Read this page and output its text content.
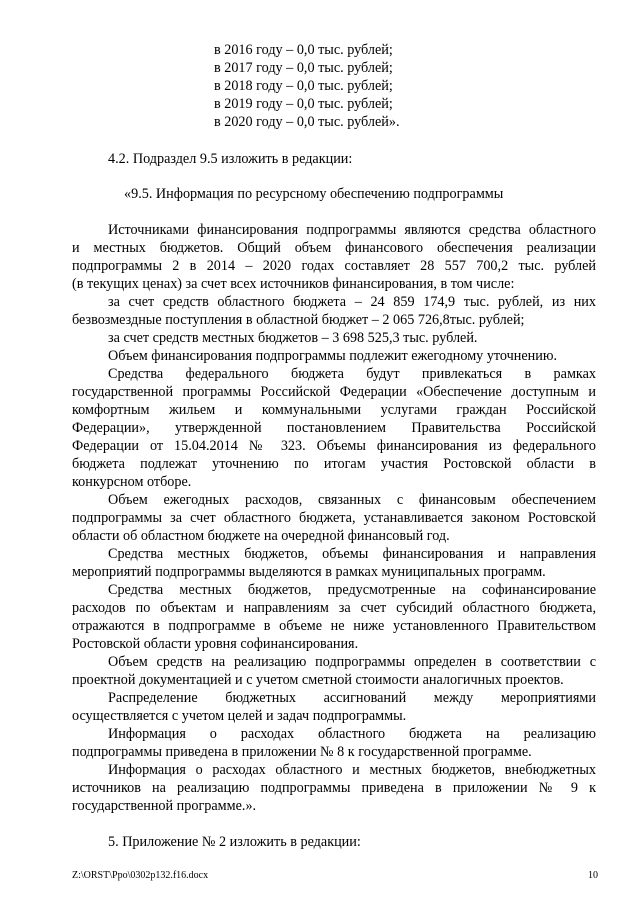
в 2016 году – 0,0 тыс. рублей;
в 2017 году – 0,0 тыс. рублей;
в 2018 году – 0,0 тыс. рублей;
в 2019 году – 0,0 тыс. рублей;
в 2020 году – 0,0 тыс. рублей».
4.2. Подраздел 9.5 изложить в редакции:
«9.5. Информация по ресурсному обеспечению подпрограммы
Источниками финансирования подпрограммы являются средства областного
и местных бюджетов. Общий объем финансового обеспечения реализации
подпрограммы 2 в 2014 – 2020 годах составляет 28 557 700,2 тыс. рублей
(в текущих ценах) за счет всех источников финансирования, в том числе:
за счет средств областного бюджета – 24 859 174,9 тыс. рублей, из них
безвозмездные поступления в областной бюджет – 2 065 726,8тыс. рублей;
за счет средств местных бюджетов – 3 698 525,3 тыс. рублей.
Объем финансирования подпрограммы подлежит ежегодному уточнению.
Средства федерального бюджета будут привлекаться в рамках
государственной программы Российской Федерации «Обеспечение доступным и
комфортным жильем и коммунальными услугами граждан Российской
Федерации», утвержденной постановлением Правительства Российской
Федерации от 15.04.2014 № 323. Объемы финансирования из федерального
бюджета подлежат уточнению по итогам участия Ростовской области в
конкурсном отборе.
Объем ежегодных расходов, связанных с финансовым обеспечением
подпрограммы за счет областного бюджета, устанавливается законом Ростовской
области об областном бюджете на очередной финансовый год.
Средства местных бюджетов, объемы финансирования и направления
мероприятий подпрограммы выделяются в рамках муниципальных программ.
Средства местных бюджетов, предусмотренные на софинансирование
расходов по объектам и направлениям за счет субсидий областного бюджета,
отражаются в подпрограмме в объеме не ниже установленного Правительством
Ростовской области уровня софинансирования.
Объем средств на реализацию подпрограммы определен в соответствии с
проектной документацией и с учетом сметной стоимости аналогичных проектов.
Распределение бюджетных ассигнований между мероприятиями
осуществляется с учетом целей и задач подпрограммы.
Информация о расходах областного бюджета на реализацию
подпрограммы приведена в приложении № 8 к государственной программе.
Информация о расходах областного и местных бюджетов, внебюджетных
источников на реализацию подпрограммы приведена в приложении № 9 к
государственной программе.».
5. Приложение № 2 изложить в редакции:
Z:\ORST\Ppo\0302p132.f16.docx	10
